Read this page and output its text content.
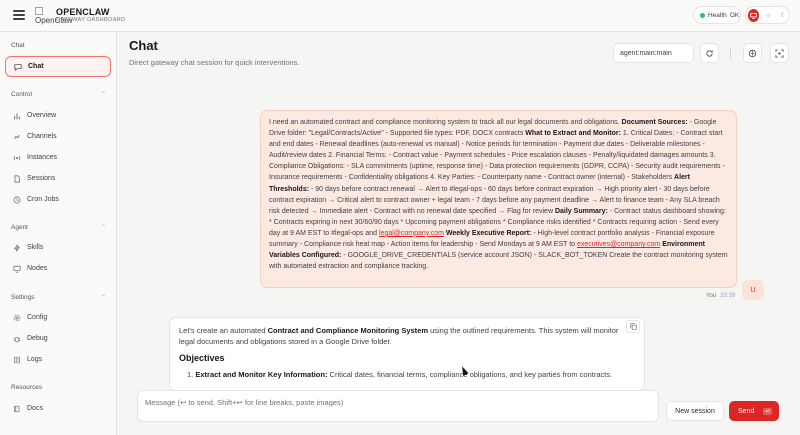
OpenClaw
OPENCLAW
GATEWAY DASHBOARD
Health OK	☼	☾
Chat
Chat
Control	⌃
Overview
Channels
Instances
Sessions
Cron Jobs
Agent	⌃
Skills
Nodes
Settings	⌃
Config
Debug
Logs
Resources
Docs
Chat
Direct gateway chat session for quick interventions.
agent:main:main
I need an automated contract and compliance monitoring system to track all our legal documents and obligations. Document Sources: - Google Drive folder: "Legal/Contracts/Active" - Supported file types: PDF, DOCX contracts What to Extract and Monitor: 1. Critical Dates: - Contract start and end dates - Renewal deadlines (auto-renewal vs manual) - Notice periods for termination - Payment due dates - Deliverable milestones - Audit/review dates 2. Financial Terms: - Contract value - Payment schedules - Price escalation clauses - Penalty/liquidated damages amounts 3. Compliance Obligations: - SLA commitments (uptime, response time) - Data protection requirements (GDPR, CCPA) - Security audit requirements - Insurance requirements - Confidentiality obligations 4. Key Parties: - Counterparty name - Contract owner (internal) - Stakeholders Alert Thresholds: - 90 days before contract renewal → Alert to #legal-ops - 60 days before contract expiration → High priority alert - 30 days before contract expiration → Critical alert to contract owner + legal team - 7 days before any payment deadline → Alert to finance team - Any SLA breach risk detected → Immediate alert - Contract with no renewal date specified → Flag for review Daily Summary: - Contract status dashboard showing: * Contracts expiring in next 30/60/90 days * Upcoming payment obligations * Compliance risks identified * Contracts requiring action - Send every day at 9 AM EST to #legal-ops and legal@company.com Weekly Executive Report: - High-level contract portfolio analysis - Financial exposure summary - Compliance risk heat map - Action items for leadership - Send Mondays at 9 AM EST to executives@company.com Environment Variables Configured: - GOOGLE_DRIVE_CREDENTIALS (service account JSON) - SLACK_BOT_TOKEN Create the contract monitoring system with automated extraction and compliance tracking.
You 20:39
U

Let's create an automated Contract and Compliance Monitoring System using the outlined requirements. This system will monitor legal documents and obligations stored in a Google Drive folder.

Objectives

1. Extract and Monitor Key Information: Critical dates, financial terms, compliance obligations, and key parties from contracts.

Message (↩ to send, Shift+↩ for line breaks, paste images)
New session	Send	↵
